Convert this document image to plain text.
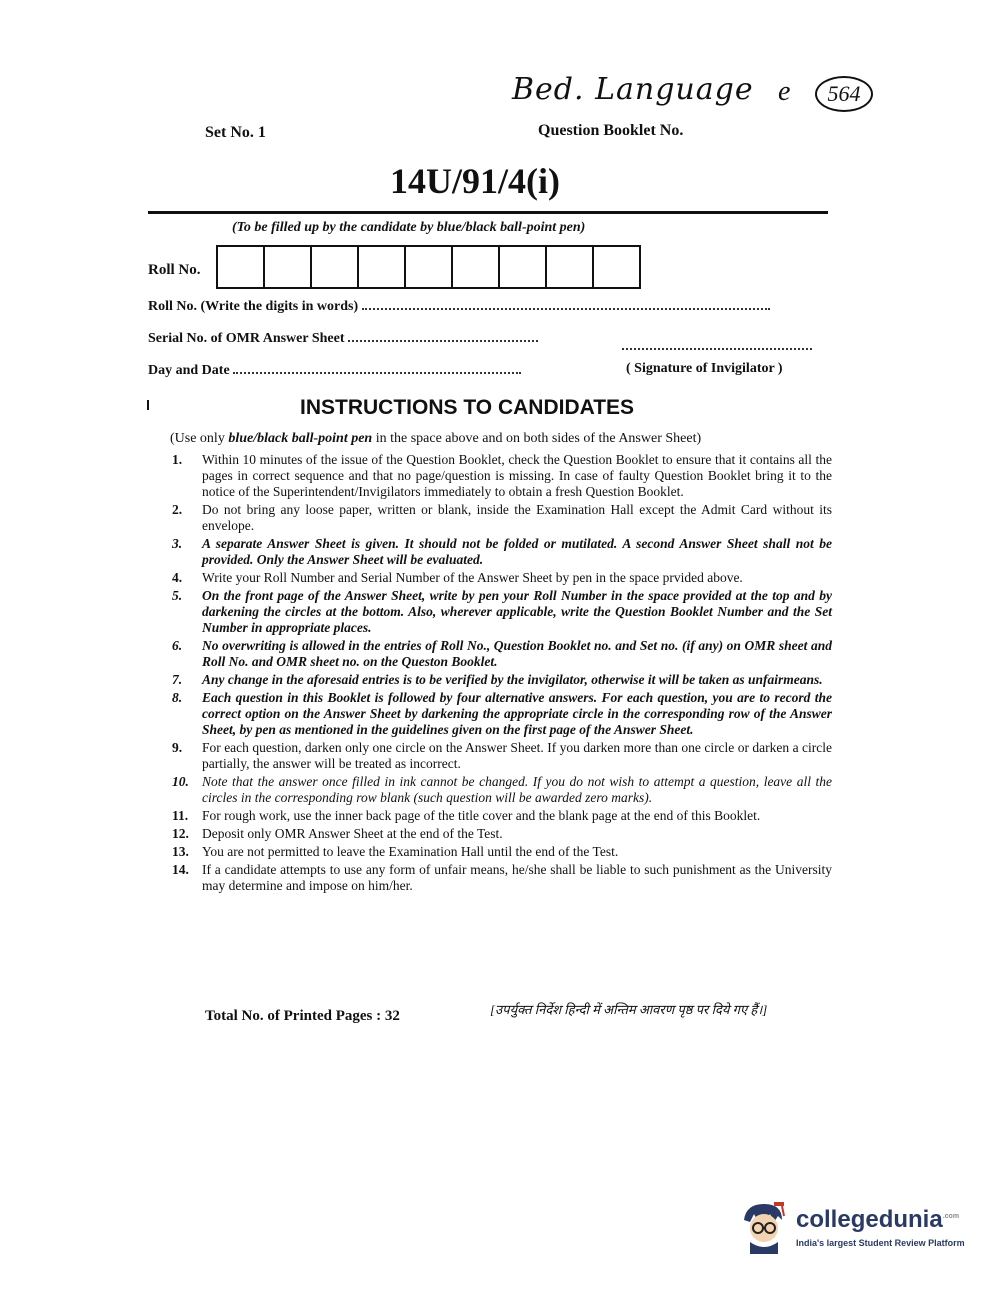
Bed. Language e	564
Set No. 1	Question Booklet No.
14U/91/4(i)
(To be filled up by the candidate by blue/black ball-point pen)
Roll No.
Roll No. (Write the digits in words)
Serial No. of OMR Answer Sheet
Day and Date	( Signature of Invigilator )
INSTRUCTIONS TO CANDIDATES
(Use only blue/black ball-point pen in the space above and on both sides of the Answer Sheet)
1. Within 10 minutes of the issue of the Question Booklet, check the Question Booklet to ensure that it contains all the pages in correct sequence and that no page/question is missing. In case of faulty Question Booklet bring it to the notice of the Superintendent/Invigilators immediately to obtain a fresh Question Booklet.
2. Do not bring any loose paper, written or blank, inside the Examination Hall except the Admit Card without its envelope.
3. A separate Answer Sheet is given. It should not be folded or mutilated. A second Answer Sheet shall not be provided. Only the Answer Sheet will be evaluated.
4. Write your Roll Number and Serial Number of the Answer Sheet by pen in the space prvided above.
5. On the front page of the Answer Sheet, write by pen your Roll Number in the space provided at the top and by darkening the circles at the bottom. Also, wherever applicable, write the Question Booklet Number and the Set Number in appropriate places.
6. No overwriting is allowed in the entries of Roll No., Question Booklet no. and Set no. (if any) on OMR sheet and Roll No. and OMR sheet no. on the Queston Booklet.
7. Any change in the aforesaid entries is to be verified by the invigilator, otherwise it will be taken as unfairmeans.
8. Each question in this Booklet is followed by four alternative answers. For each question, you are to record the correct option on the Answer Sheet by darkening the appropriate circle in the corresponding row of the Answer Sheet, by pen as mentioned in the guidelines given on the first page of the Answer Sheet.
9. For each question, darken only one circle on the Answer Sheet. If you darken more than one circle or darken a circle partially, the answer will be treated as incorrect.
10. Note that the answer once filled in ink cannot be changed. If you do not wish to attempt a question, leave all the circles in the corresponding row blank (such question will be awarded zero marks).
11. For rough work, use the inner back page of the title cover and the blank page at the end of this Booklet.
12. Deposit only OMR Answer Sheet at the end of the Test.
13. You are not permitted to leave the Examination Hall until the end of the Test.
14. If a candidate attempts to use any form of unfair means, he/she shall be liable to such punishment as the University may determine and impose on him/her.
Total No. of Printed Pages : 32	[उपर्युक्त निर्देश हिन्दी में अन्तिम आवरण पृष्ठ पर दिये गए हैं।]
collegedunia$^{.com}$
India's largest Student Review Platform
